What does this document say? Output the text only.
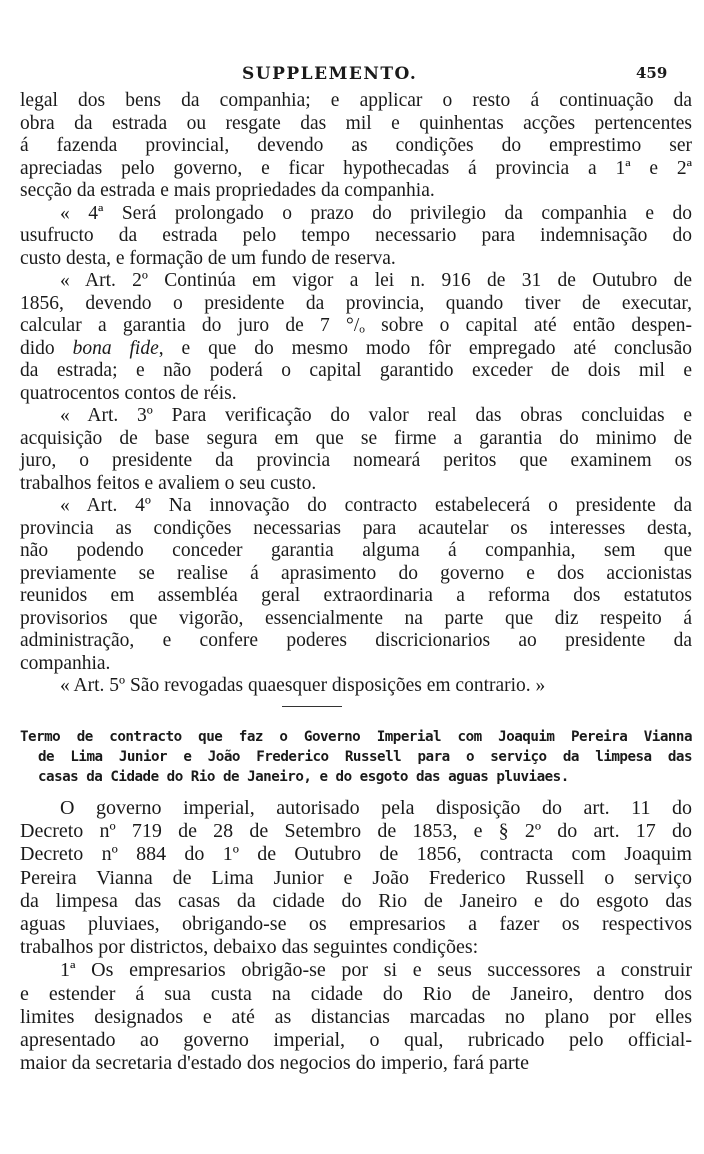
SUPPLEMENTO.	459
legal dos bens da companhia; e applicar o resto á continuação da
obra da estrada ou resgate das mil e quinhentas acções pertencentes
á fazenda provincial, devendo as condições do emprestimo ser
apreciadas pelo governo, e ficar hypothecadas á provincia a 1ª e 2ª
secção da estrada e mais propriedades da companhia.
« 4ª Será prolongado o prazo do privilegio da companhia e do
usufructo da estrada pelo tempo necessario para indemnisação do
custo desta, e formação de um fundo de reserva.
« Art. 2º Continúa em vigor a lei n. 916 de 31 de Outubro de
1856, devendo o presidente da provincia, quando tiver de executar,
calcular a garantia do juro de 7 °/ₒ sobre o capital até então despen-
dido bona fide, e que do mesmo modo fôr empregado até conclusão
da estrada; e não poderá o capital garantido exceder de dois mil e
quatrocentos contos de réis.
« Art. 3º Para verificação do valor real das obras concluidas e
acquisição de base segura em que se firme a garantia do minimo de
juro, o presidente da provincia nomeará peritos que examinem os
trabalhos feitos e avaliem o seu custo.
« Art. 4º Na innovação do contracto estabelecerá o presidente da
provincia as condições necessarias para acautelar os interesses desta,
não podendo conceder garantia alguma á companhia, sem que
previamente se realise á aprasimento do governo e dos accionistas
reunidos em assembléa geral extraordinaria a reforma dos estatutos
provisorios que vigorão, essencialmente na parte que diz respeito á
administração, e confere poderes discricionarios ao presidente da
companhia.
« Art. 5º São revogadas quaesquer disposições em contrario. »
Termo de contracto que faz o Governo Imperial com Joaquim Pereira Vianna
de Lima Junior e João Frederico Russell para o serviço da limpesa das
casas da Cidade do Rio de Janeiro, e do esgoto das aguas pluviaes.
O governo imperial, autorisado pela disposição do art. 11 do
Decreto nº 719 de 28 de Setembro de 1853, e § 2º do art. 17 do
Decreto nº 884 do 1º de Outubro de 1856, contracta com Joaquim
Pereira Vianna de Lima Junior e João Frederico Russell o serviço
da limpesa das casas da cidade do Rio de Janeiro e do esgoto das
aguas pluviaes, obrigando-se os empresarios a fazer os respectivos
trabalhos por districtos, debaixo das seguintes condições:
1ª Os empresarios obrigão-se por si e seus successores a construir
e estender á sua custa na cidade do Rio de Janeiro, dentro dos
limites designados e até as distancias marcadas no plano por elles
apresentado ao governo imperial, o qual, rubricado pelo official-
maior da secretaria d'estado dos negocios do imperio, fará parte
